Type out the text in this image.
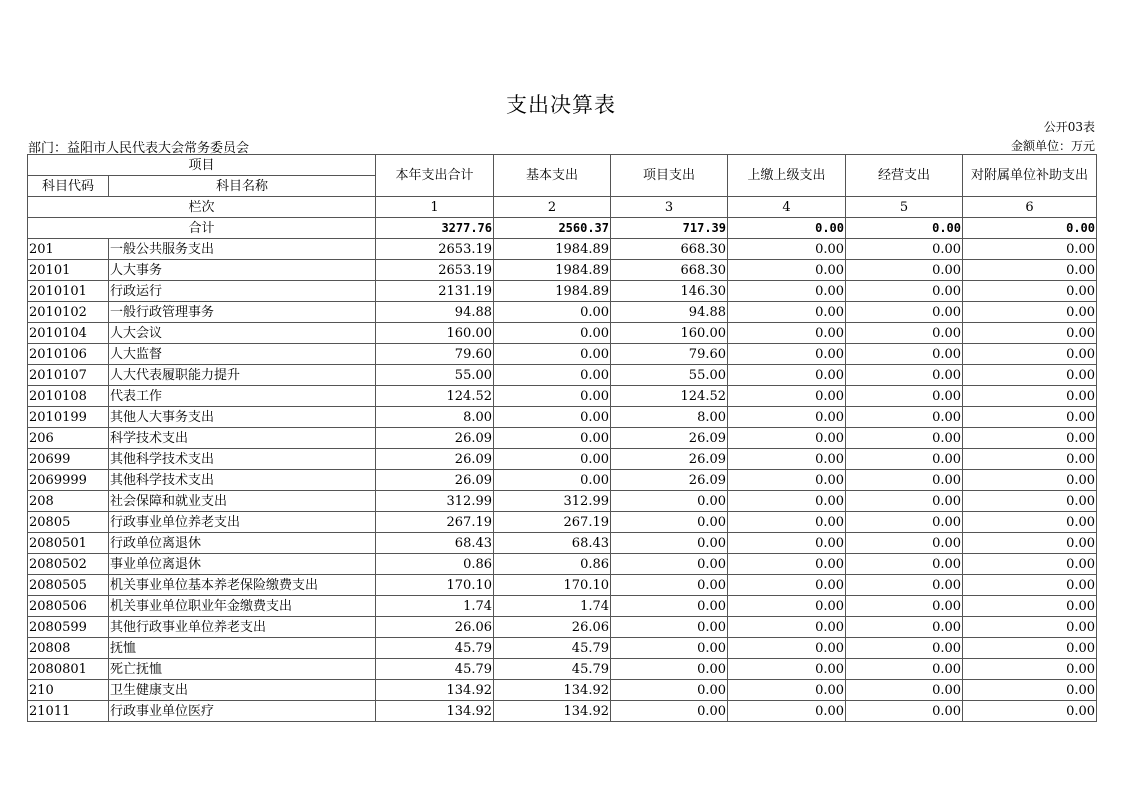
支出决算表
公开03表
部门：益阳市人民代表大会常务委员会	金额单位：万元
项目		本年支出合计	基本支出	项目支出	上缴上级支出	经营支出	对附属单位补助支出
科目代码	科目名称						
栏次		1	2	3	4	5	6
合计		3277.76	2560.37	717.39	0.00	0.00	0.00
201	一般公共服务支出	2653.19	1984.89	668.30	0.00	0.00	0.00
20101	人大事务	2653.19	1984.89	668.30	0.00	0.00	0.00
2010101	行政运行	2131.19	1984.89	146.30	0.00	0.00	0.00
2010102	一般行政管理事务	94.88	0.00	94.88	0.00	0.00	0.00
2010104	人大会议	160.00	0.00	160.00	0.00	0.00	0.00
2010106	人大监督	79.60	0.00	79.60	0.00	0.00	0.00
2010107	人大代表履职能力提升	55.00	0.00	55.00	0.00	0.00	0.00
2010108	代表工作	124.52	0.00	124.52	0.00	0.00	0.00
2010199	其他人大事务支出	8.00	0.00	8.00	0.00	0.00	0.00
206	科学技术支出	26.09	0.00	26.09	0.00	0.00	0.00
20699	其他科学技术支出	26.09	0.00	26.09	0.00	0.00	0.00
2069999	其他科学技术支出	26.09	0.00	26.09	0.00	0.00	0.00
208	社会保障和就业支出	312.99	312.99	0.00	0.00	0.00	0.00
20805	行政事业单位养老支出	267.19	267.19	0.00	0.00	0.00	0.00
2080501	行政单位离退休	68.43	68.43	0.00	0.00	0.00	0.00
2080502	事业单位离退休	0.86	0.86	0.00	0.00	0.00	0.00
2080505	机关事业单位基本养老保险缴费支出	170.10	170.10	0.00	0.00	0.00	0.00
2080506	机关事业单位职业年金缴费支出	1.74	1.74	0.00	0.00	0.00	0.00
2080599	其他行政事业单位养老支出	26.06	26.06	0.00	0.00	0.00	0.00
20808	抚恤	45.79	45.79	0.00	0.00	0.00	0.00
2080801	死亡抚恤	45.79	45.79	0.00	0.00	0.00	0.00
210	卫生健康支出	134.92	134.92	0.00	0.00	0.00	0.00
21011	行政事业单位医疗	134.92	134.92	0.00	0.00	0.00	0.00
